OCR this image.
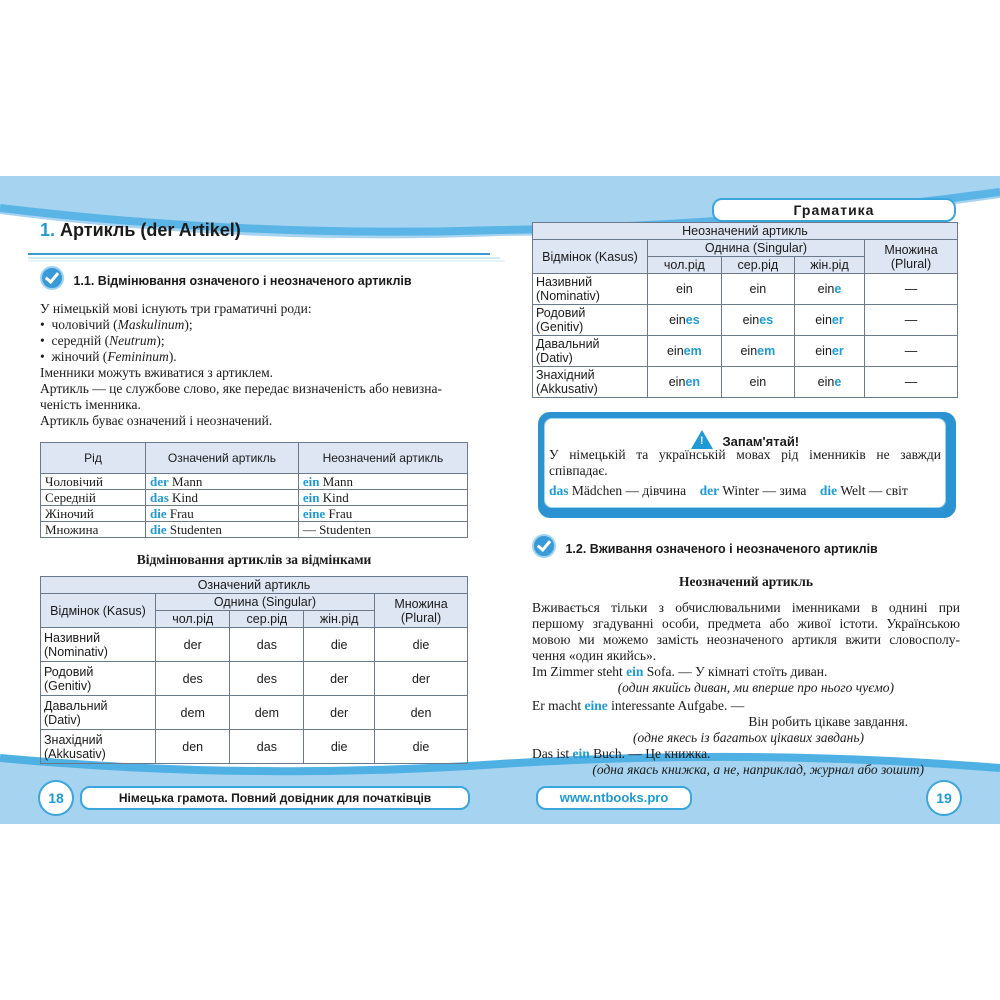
1. Артикль (der Artikel)
1.1. Відмінювання означеного і неозначеного артиклів
У німецькій мові існують три граматичні роди:
•  чоловічий (Maskulinum);
•  середній (Neutrum);
•  жіночий (Femininum).
Іменники можуть вживатися з артиклем.
Артикль — це службове слово, яке передає визначеність або невизна-
ченість іменника.
Артикль буває означений і неозначений.
Рід	Означений артикль	Неозначений артикль
Чоловічий	der Mann	ein Mann
Середній	das Kind	ein Kind
Жіночий	die Frau	eine Frau
Множина	die Studenten	— Studenten
Відмінювання артиклів за відмінками
Означений артикль				
Відмінок (Kasus)	Однина (Singular)			Множина (Plural)
	чол.рід	сер.рід	жін.рід	
Називний
(Nominativ)	der	das	die	die
Родовий
(Genitiv)	des	des	der	der
Давальний
(Dativ)	dem	dem	der	den
Знахідний
(Akkusativ)	den	das	die	die
18	Німецька грамота. Повний довідник для початківців
Граматика
Неозначений артикль				
Відмінок (Kasus)	Однина (Singular)			Множина (Plural)
	чол.рід	сер.рід	жін.рід	
Називний
(Nominativ)	ein	ein	eine	—
Родовий
(Genitiv)	eines	eines	einer	—
Давальний
(Dativ)	einem	einem	einer	—
Знахідний
(Akkusativ)	einen	ein	eine	—
! Запам'ятай!
У німецькій та українській мовах рід іменників не завжди співпадає.
das Mädchen — дівчина der Winter — зима die Welt — світ
1.2. Вживання означеного і неозначеного артиклів
Неозначений артикль
Вживається тільки з обчислювальними іменниками в однині при
першому згадуванні особи, предмета або живої істоти. Українською
мовою ми можемо замість неозначеного артикля вжити словосполу-
чення «один якийсь».
Im Zimmer steht ein Sofa. — У кімнаті стоїть диван.
(один якийсь диван, ми вперше про нього чуємо)
Er macht eine interessante Aufgabe. —
Він робить цікаве завдання.
(одне якесь із багатьох цікавих завдань)
Das ist ein Buch. — Це книжка.
(одна якась книжка, а не, наприклад, журнал або зошит)
www.ntbooks.pro	19
